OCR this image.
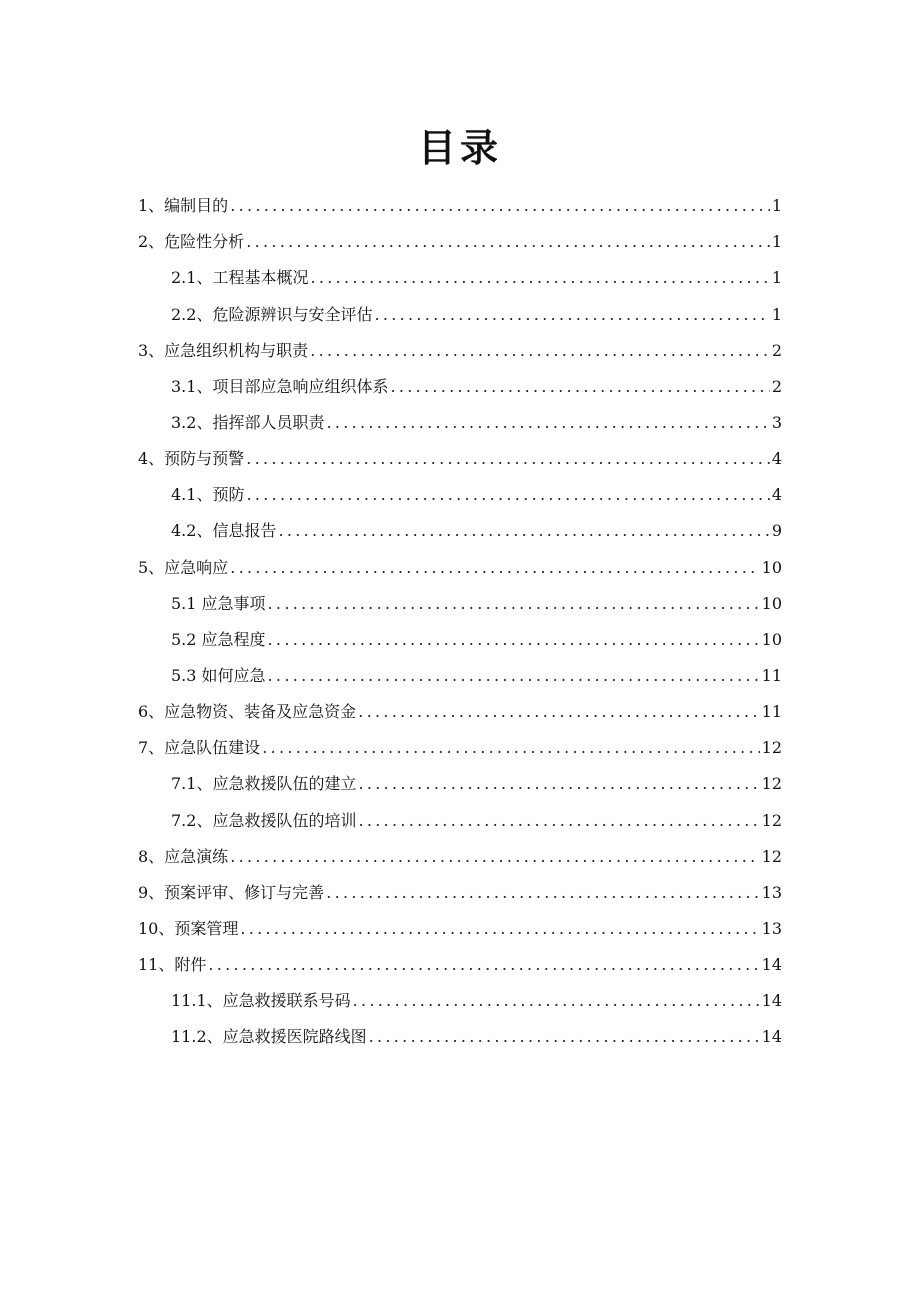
目录
1、编制目的 .....	1
2、危险性分析 .....	1
2.1、工程基本概况 .....	1
2.2、危险源辨识与安全评估 .....	1
3、应急组织机构与职责 .....	2
3.1、项目部应急响应组织体系 .....	2
3.2、指挥部人员职责 .....	3
4、预防与预警 .....	4
4.1、预防 .....	4
4.2、信息报告 .....	9
5、应急响应 .....	10
5.1 应急事项 .....	10
5.2 应急程度 .....	10
5.3 如何应急 .....	11
6、应急物资、装备及应急资金 .....	11
7、应急队伍建设 .....	12
7.1、应急救援队伍的建立 .....	12
7.2、应急救援队伍的培训 .....	12
8、应急演练 .....	12
9、预案评审、修订与完善 .....	13
10、预案管理 .....	13
11、附件 .....	14
11.1、应急救援联系号码 .....	14
11.2、应急救援医院路线图 .....	14
